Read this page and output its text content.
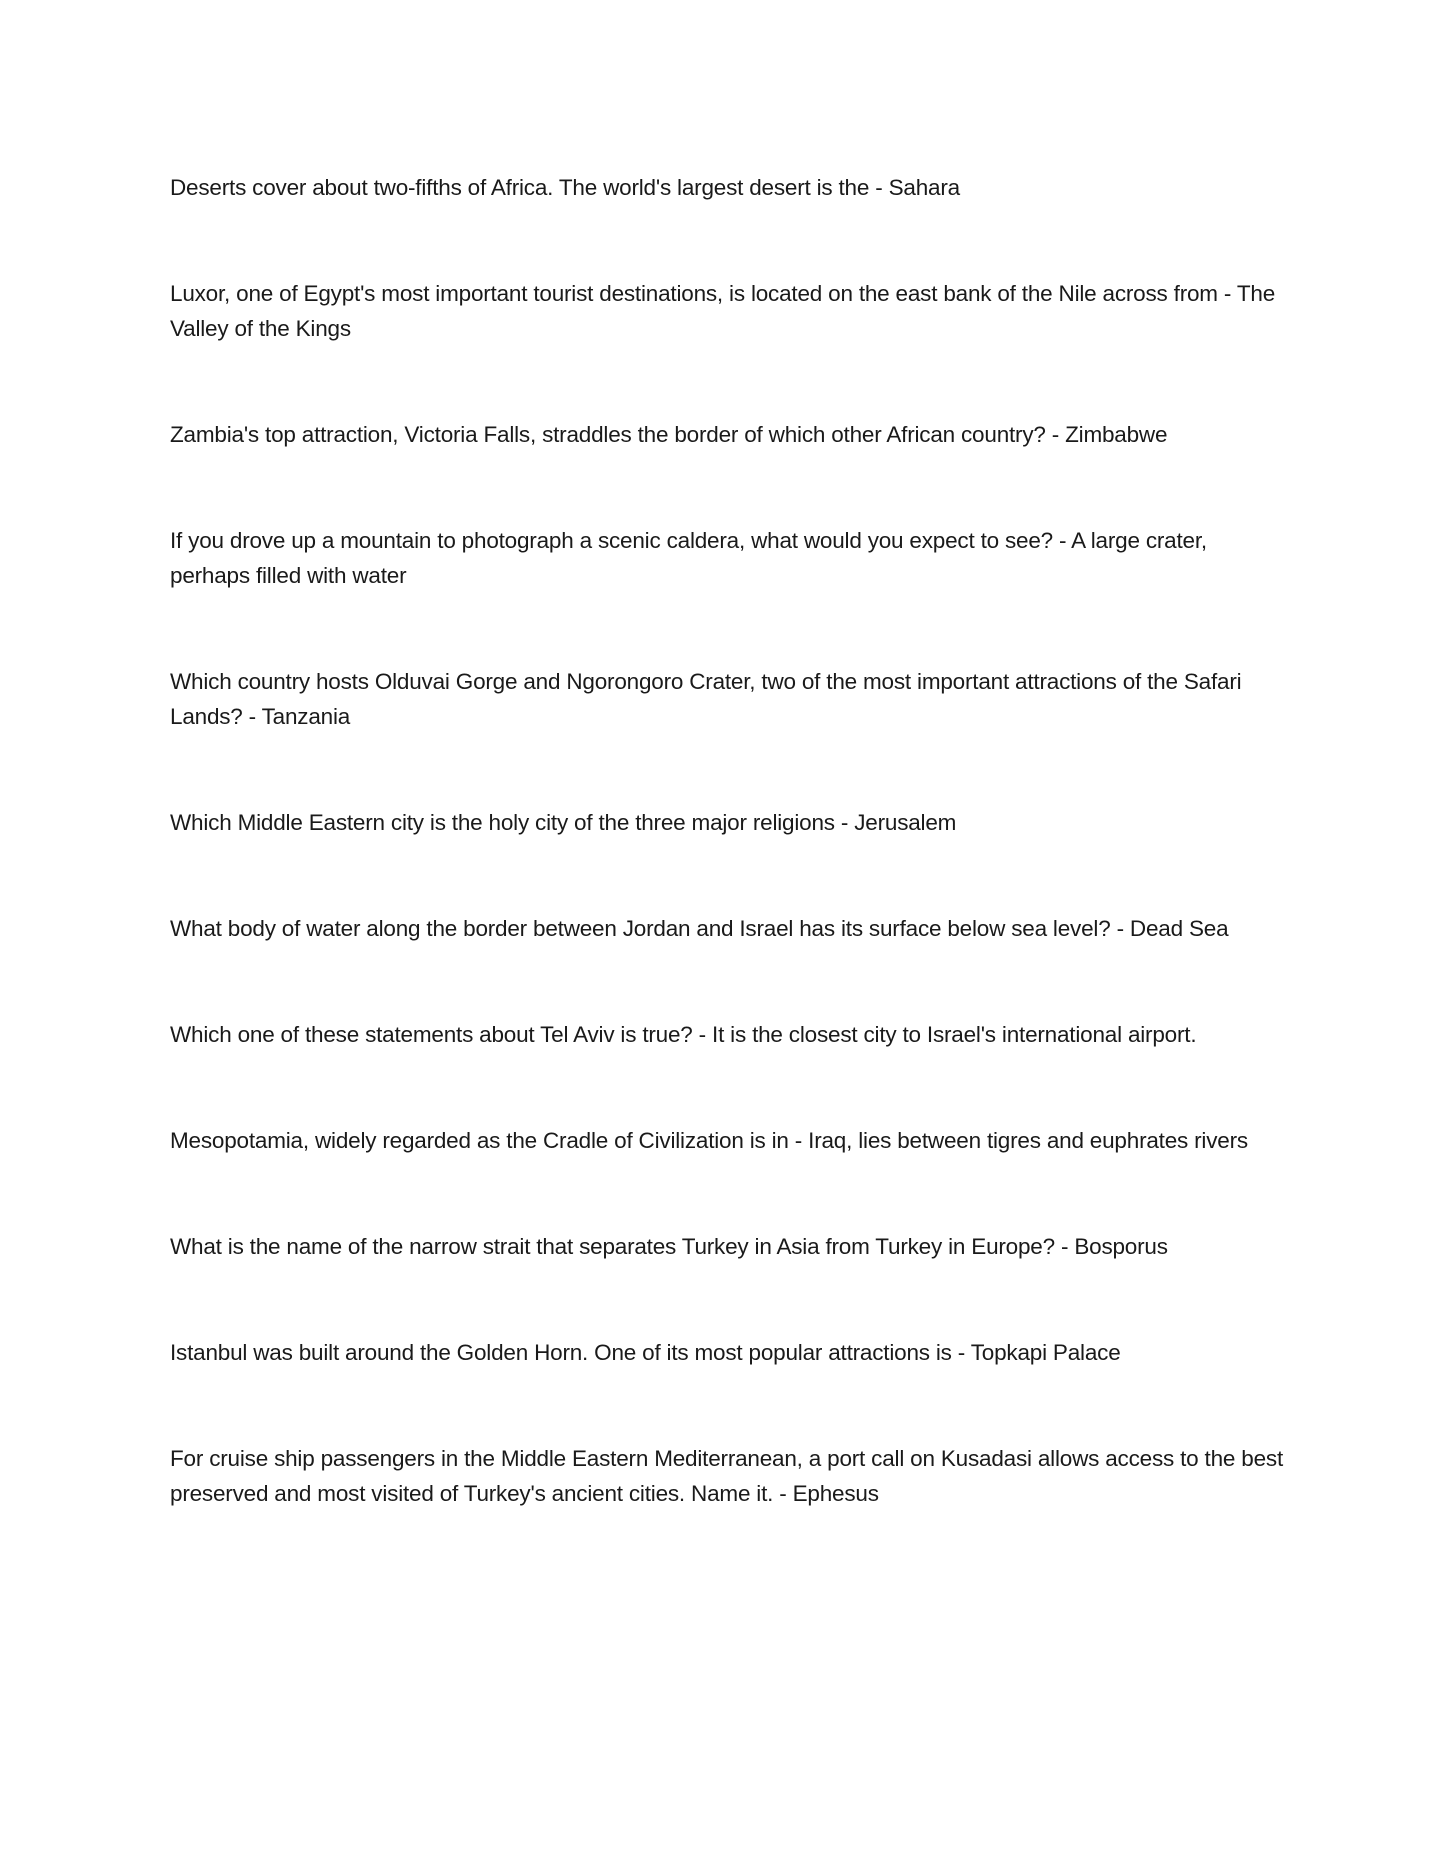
Deserts cover about two-fifths of Africa. The world's largest desert is the - Sahara

Luxor, one of Egypt's most important tourist destinations, is located on the east bank of the Nile across from - The Valley of the Kings

Zambia's top attraction, Victoria Falls, straddles the border of which other African country? - Zimbabwe

If you drove up a mountain to photograph a scenic caldera, what would you expect to see? - A large crater, perhaps filled with water

Which country hosts Olduvai Gorge and Ngorongoro Crater, two of the most important attractions of the Safari Lands? - Tanzania

Which Middle Eastern city is the holy city of the three major religions - Jerusalem

What body of water along the border between Jordan and Israel has its surface below sea level? - Dead Sea

Which one of these statements about Tel Aviv is true? - It is the closest city to Israel's international airport.

Mesopotamia, widely regarded as the Cradle of Civilization is in - Iraq, lies between tigres and euphrates rivers

What is the name of the narrow strait that separates Turkey in Asia from Turkey in Europe? - Bosporus

Istanbul was built around the Golden Horn. One of its most popular attractions is - Topkapi Palace

For cruise ship passengers in the Middle Eastern Mediterranean, a port call on Kusadasi allows access to the best preserved and most visited of Turkey's ancient cities. Name it. - Ephesus
